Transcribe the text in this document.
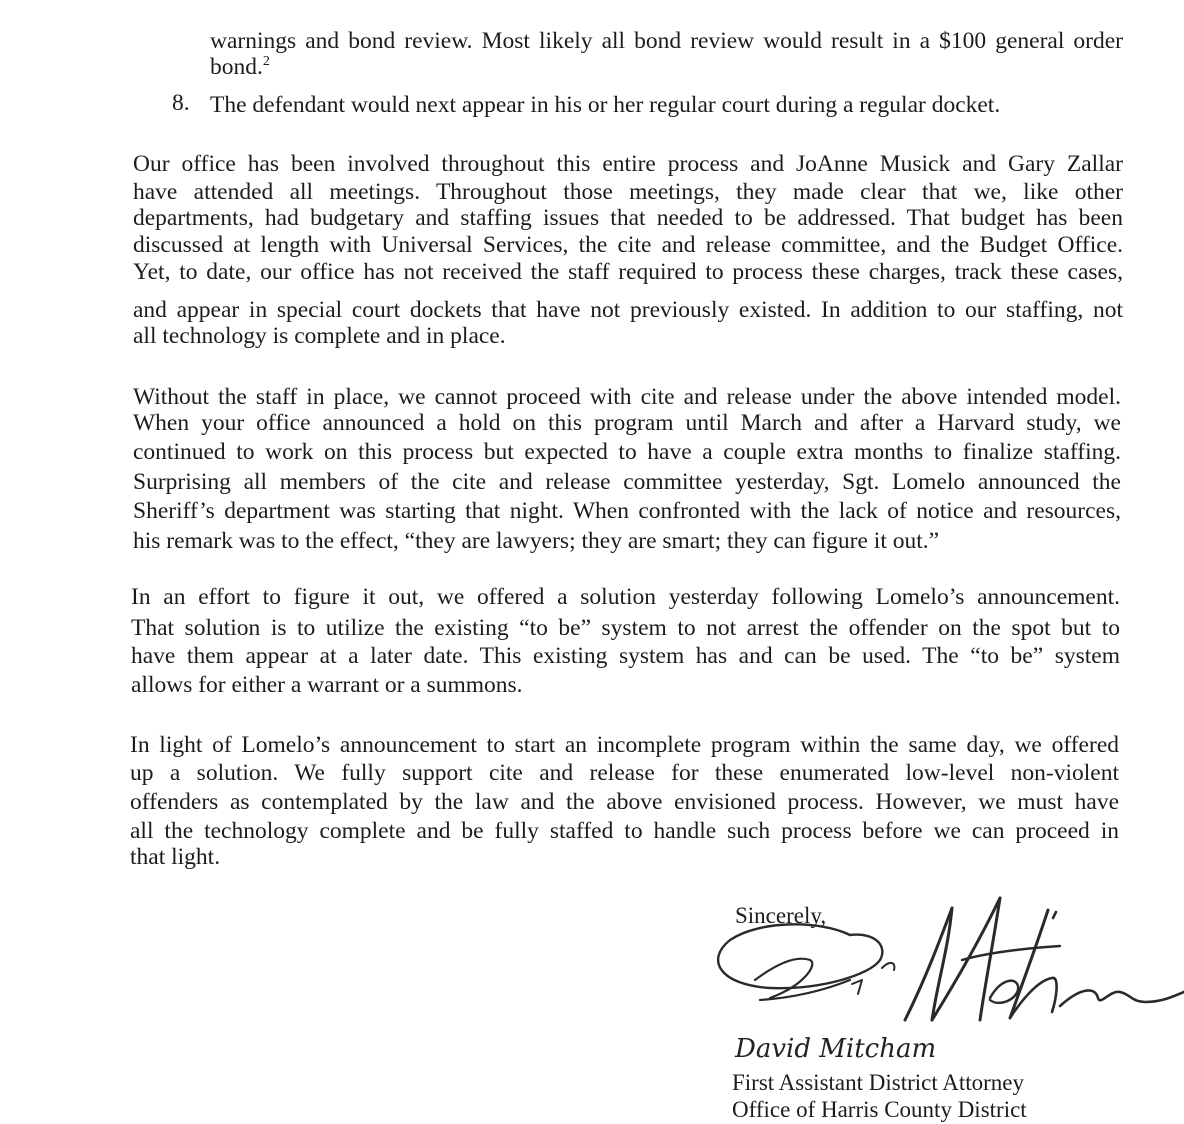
warnings and bond review. Most likely all bond review would result in a $100 general order
bond.$^2$
8. The defendant would next appear in his or her regular court during a regular docket.
Our office has been involved throughout this entire process and JoAnne Musick and Gary Zallar
have attended all meetings. Throughout those meetings, they made clear that we, like other
departments, had budgetary and staffing issues that needed to be addressed. That budget has been
discussed at length with Universal Services, the cite and release committee, and the Budget Office.
Yet, to date, our office has not received the staff required to process these charges, track these cases,
and appear in special court dockets that have not previously existed. In addition to our staffing, not
all technology is complete and in place.
Without the staff in place, we cannot proceed with cite and release under the above intended model.
When your office announced a hold on this program until March and after a Harvard study, we
continued to work on this process but expected to have a couple extra months to finalize staffing.
Surprising all members of the cite and release committee yesterday, Sgt. Lomelo announced the
Sheriff’s department was starting that night. When confronted with the lack of notice and resources,
his remark was to the effect, “they are lawyers; they are smart; they can figure it out.”
In an effort to figure it out, we offered a solution yesterday following Lomelo’s announcement.
That solution is to utilize the existing “to be” system to not arrest the offender on the spot but to
have them appear at a later date. This existing system has and can be used. The “to be” system
allows for either a warrant or a summons.
In light of Lomelo’s announcement to start an incomplete program within the same day, we offered
up a solution. We fully support cite and release for these enumerated low-level non-violent
offenders as contemplated by the law and the above envisioned process. However, we must have
all the technology complete and be fully staffed to handle such process before we can proceed in
that light.
Sincerely,
David Mitcham
First Assistant District Attorney
Office of Harris County District
